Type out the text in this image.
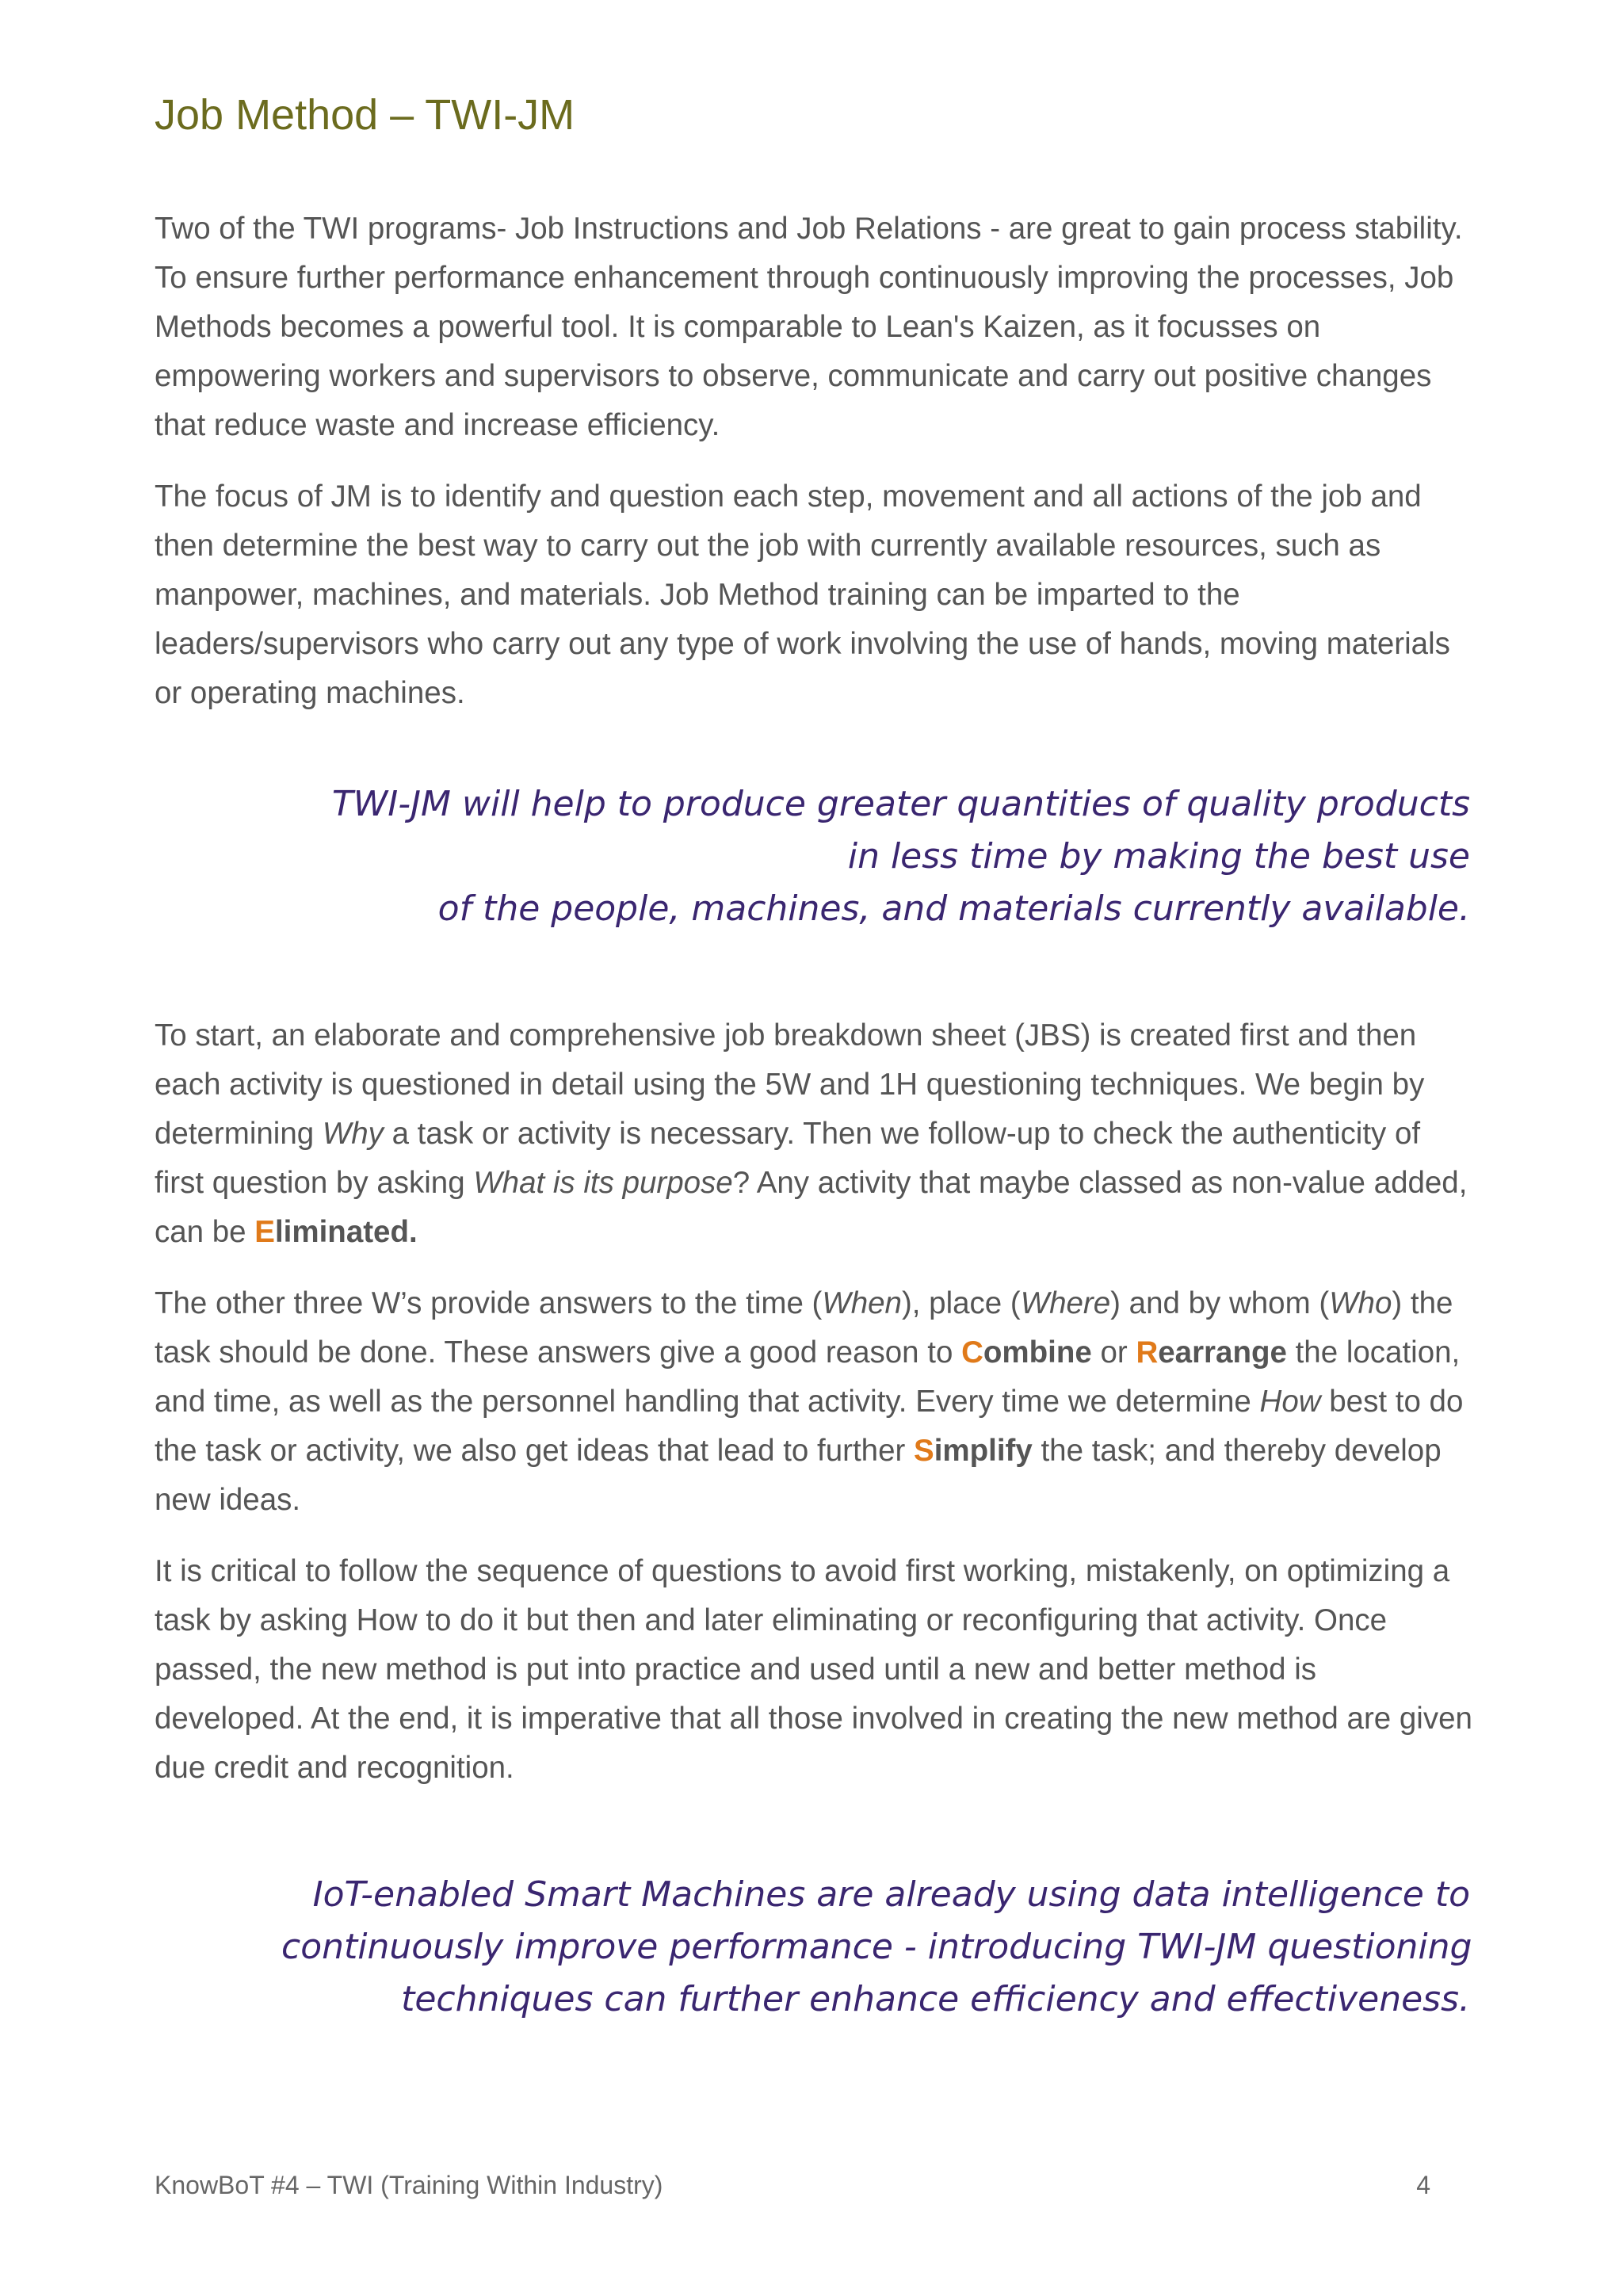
Job Method – TWI-JM

Two of the TWI programs- Job Instructions and Job Relations - are great to gain process stability. To ensure further performance enhancement through continuously improving the processes, Job Methods becomes a powerful tool. It is comparable to Lean's Kaizen, as it focusses on empowering workers and supervisors to observe, communicate and carry out positive changes that reduce waste and increase efficiency.

The focus of JM is to identify and question each step, movement and all actions of the job and then determine the best way to carry out the job with currently available resources, such as manpower, machines, and materials. Job Method training can be imparted to the leaders/supervisors who carry out any type of work involving the use of hands, moving materials or operating machines.

TWI-JM will help to produce greater quantities of quality products
in less time by making the best use
of the people, machines, and materials currently available.

To start, an elaborate and comprehensive job breakdown sheet (JBS) is created first and then each activity is questioned in detail using the 5W and 1H questioning techniques. We begin by determining Why a task or activity is necessary. Then we follow-up to check the authenticity of first question by asking What is its purpose? Any activity that maybe classed as non-value added, can be Eliminated.

The other three W’s provide answers to the time (When), place (Where) and by whom (Who) the task should be done. These answers give a good reason to Combine or Rearrange the location, and time, as well as the personnel handling that activity. Every time we determine How best to do the task or activity, we also get ideas that lead to further Simplify the task; and thereby develop new ideas.

It is critical to follow the sequence of questions to avoid first working, mistakenly, on optimizing a task by asking How to do it but then and later eliminating or reconfiguring that activity. Once passed, the new method is put into practice and used until a new and better method is developed. At the end, it is imperative that all those involved in creating the new method are given due credit and recognition.

IoT-enabled Smart Machines are already using data intelligence to
continuously improve performance - introducing TWI-JM questioning
techniques can further enhance efficiency and effectiveness.

KnowBoT #4 – TWI (Training Within Industry)	4
